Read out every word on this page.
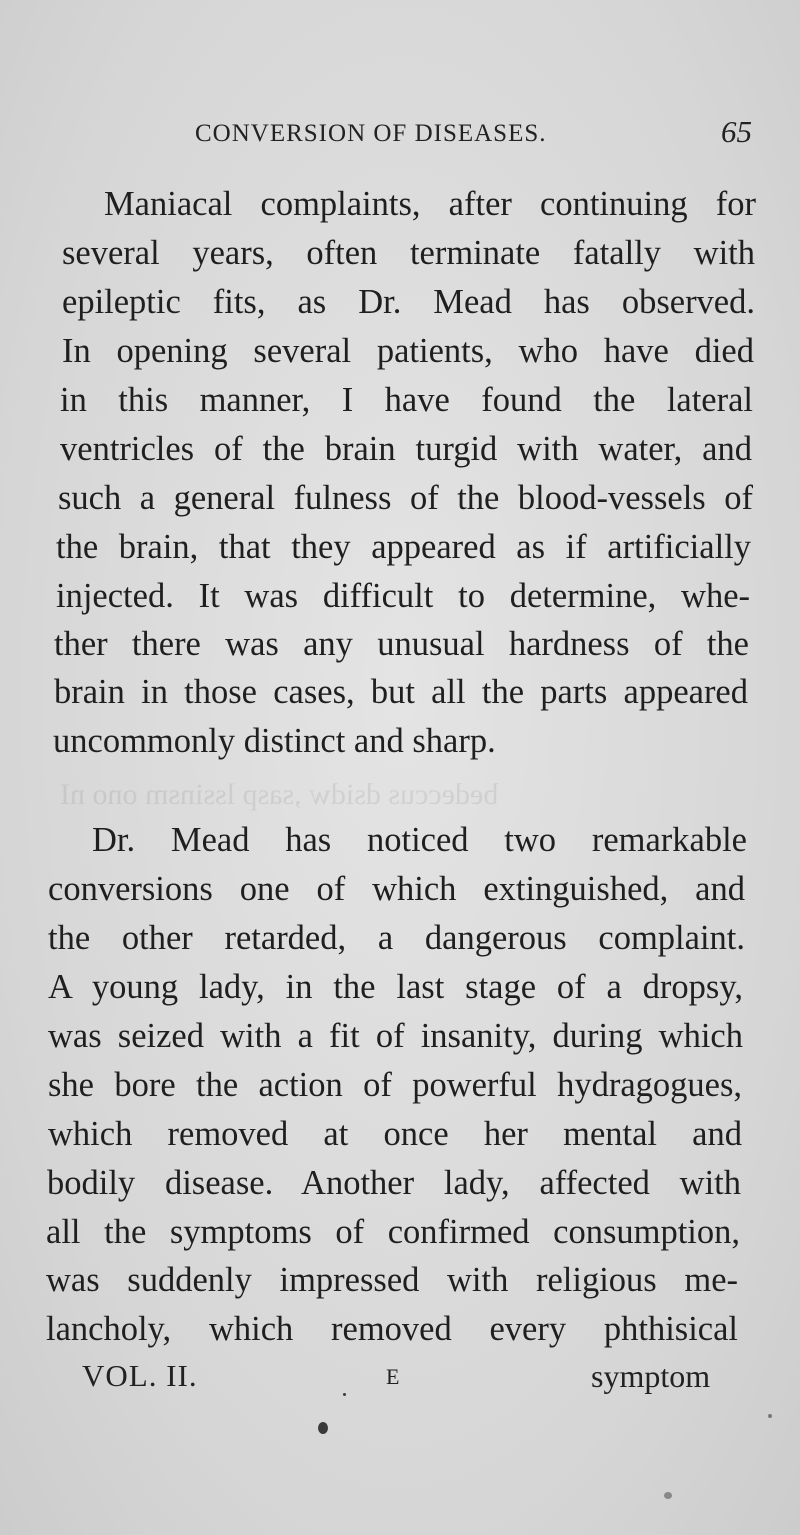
CONVERSION OF DISEASES.	65
Maniacal complaints, after continuing for
several years, often terminate fatally with
epileptic fits, as Dr. Mead has observed.
In opening several patients, who have died
in this manner, I have found the lateral
ventricles of the brain turgid with water, and
such a general fulness of the blood-vessels of
the brain, that they appeared as if artificially
injected. It was difficult to determine, whe-
ther there was any unusual hardness of the
brain in those cases, but all the parts appeared
uncommonly distinct and sharp.
bedeccus dsidw ,sasp lssinsm ono nI
Dr. Mead has noticed two remarkable
conversions one of which extinguished, and
the other retarded, a dangerous complaint.
A young lady, in the last stage of a dropsy,
was seized with a fit of insanity, during which
she bore the action of powerful hydragogues,
which removed at once her mental and
bodily disease. Another lady, affected with
all the symptoms of confirmed consumption,
was suddenly impressed with religious me-
lancholy, which removed every phthisical
VOL. II.	E	symptom
